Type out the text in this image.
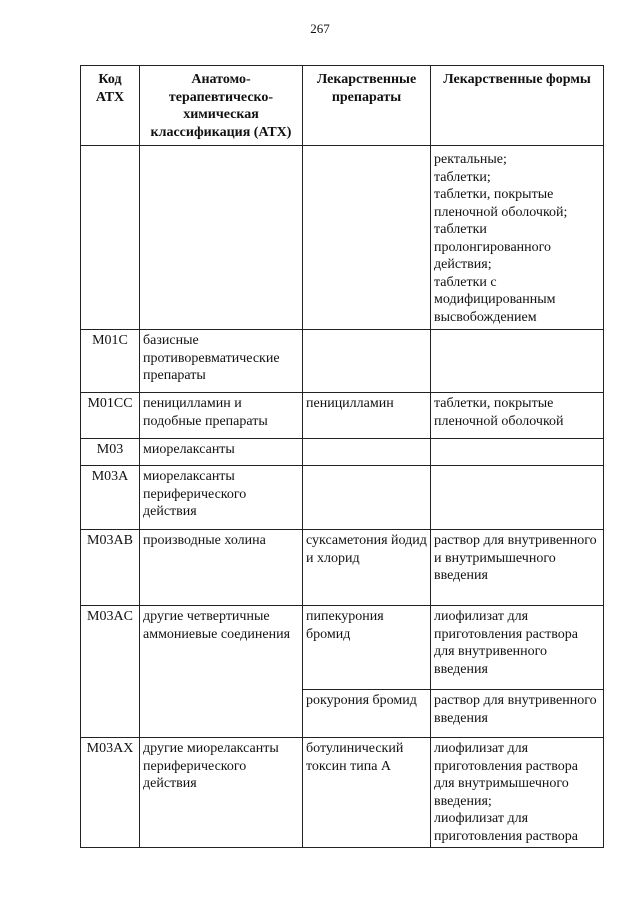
267
Код АТХ	Анатомо-терапевтическо-химическая классификация (АТХ)	Лекарственные препараты	Лекарственные формы
			ректальные;
таблетки;
таблетки, покрытые пленочной оболочкой;
таблетки пролонгированного действия;
таблетки с модифицированным высвобождением
M01C	базисные противоревматические препараты		
M01CC	пеницилламин и подобные препараты	пеницилламин	таблетки, покрытые пленочной оболочкой
M03	миорелаксанты		
M03A	миорелаксанты периферического действия		
M03AB	производные холина	суксаметония йодид и хлорид	раствор для внутривенного и внутримышечного введения
M03AC	другие четвертичные аммониевые соединения	пипекурония бромид	лиофилизат для приготовления раствора для внутривенного введения
		рокурония бромид	раствор для внутривенного введения
M03AX	другие миорелаксанты периферического действия	ботулинический токсин типа А	лиофилизат для приготовления раствора для внутримышечного введения;
лиофилизат для приготовления раствора
